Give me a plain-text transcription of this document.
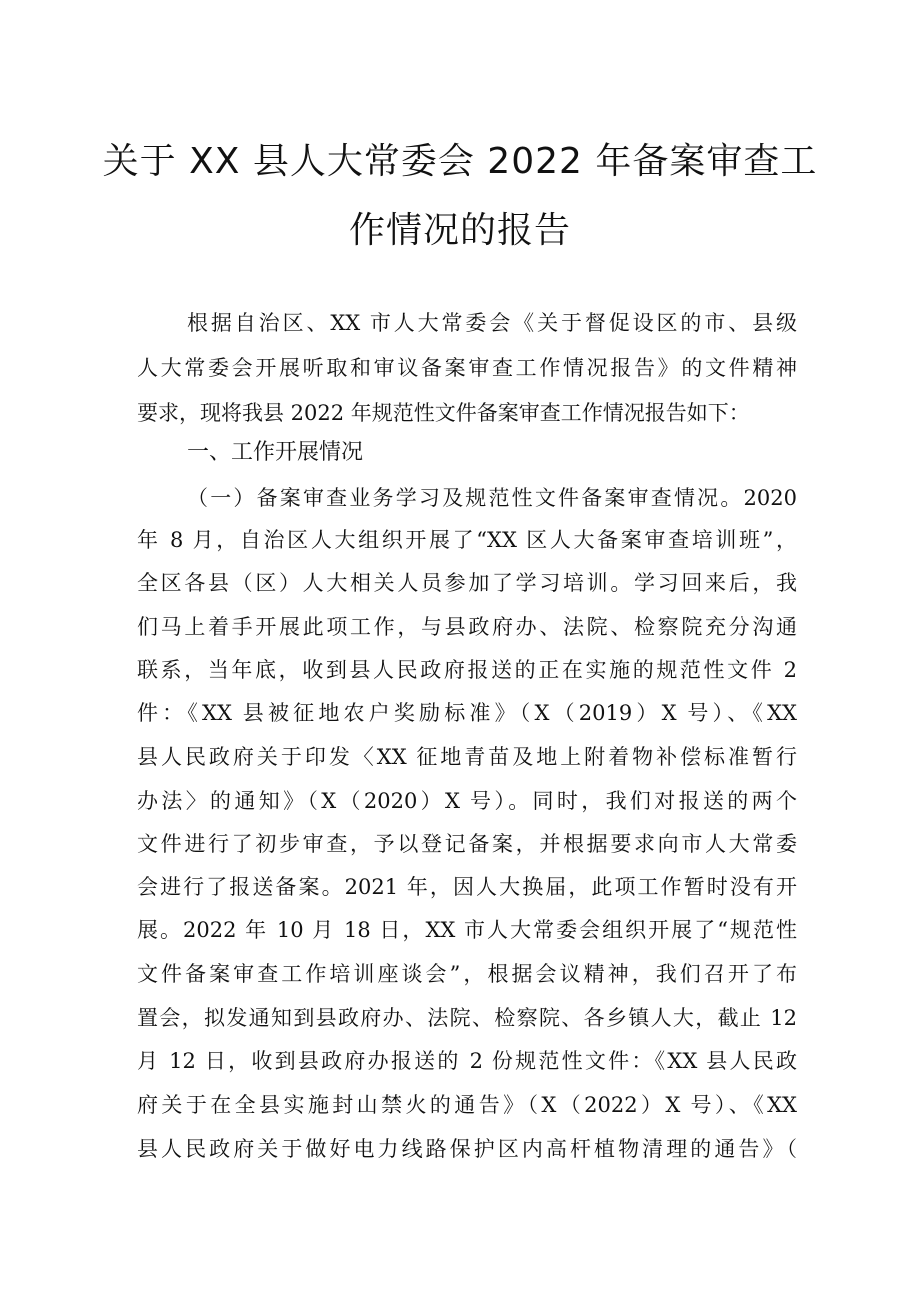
关于 XX 县人大常委会 2022 年备案审查工
作情况的报告
根据自治区、XX 市人大常委会《关于督促设区的市、县级
人大常委会开展听取和审议备案审查工作情况报告》的文件精神
要求，现将我县 2022 年规范性文件备案审查工作情况报告如下：
一、工作开展情况
（一）备案审查业务学习及规范性文件备案审查情况。2020
年 8 月，自治区人大组织开展了“XX 区人大备案审查培训班”，
全区各县（区）人大相关人员参加了学习培训。学习回来后，我
们马上着手开展此项工作，与县政府办、法院、检察院充分沟通
联系，当年底，收到县人民政府报送的正在实施的规范性文件 2
件：《XX 县被征地农户奖励标准》（X（2019）X 号）、《XX
县人民政府关于印发〈XX 征地青苗及地上附着物补偿标准暂行
办法〉的通知》（X（2020）X 号）。同时，我们对报送的两个
文件进行了初步审查，予以登记备案，并根据要求向市人大常委
会进行了报送备案。2021 年，因人大换届，此项工作暂时没有开
展。2022 年 10 月 18 日，XX 市人大常委会组织开展了“规范性
文件备案审查工作培训座谈会”，根据会议精神，我们召开了布
置会，拟发通知到县政府办、法院、检察院、各乡镇人大，截止 12
月 12 日，收到县政府办报送的 2 份规范性文件：《XX 县人民政
府关于在全县实施封山禁火的通告》（X（2022）X 号）、《XX
县人民政府关于做好电力线路保护区内高杆植物清理的通告》（
